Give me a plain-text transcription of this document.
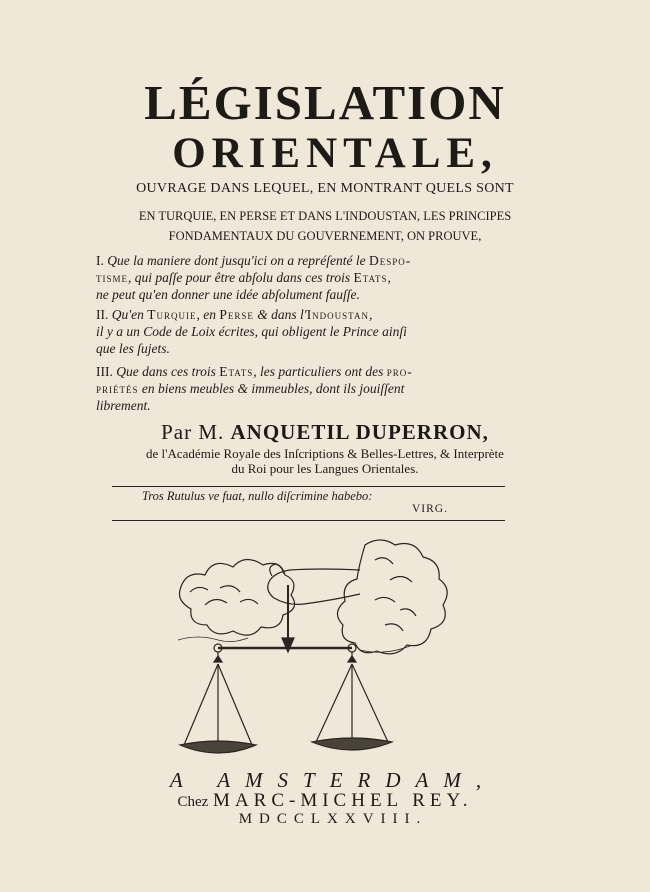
LÉGISLATION
ORIENTALE,
OUVRAGE DANS LEQUEL, EN MONTRANT QUELS SONT
EN TURQUIE, EN PERSE ET DANS L'INDOUSTAN, LES PRINCIPES
FONDAMENTAUX DU GOUVERNEMENT, ON PROUVE,
I. Que la maniere dont jusqu'ici on a repréſenté le Despo-
tisme, qui paſſe pour être abſolu dans ces trois Etats,
ne peut qu'en donner une idée abſolument fauſſe.
II. Qu'en Turquie, en Perse & dans l'Indoustan,
il y a un Code de Loix écrites, qui obligent le Prince ainſi
que les ſujets.
III. Que dans ces trois Etats, les particuliers ont des pro-
priétés en biens meubles & immeubles, dont ils jouiſſent
librement.
Par M. ANQUETIL DUPERRON,
de l'Académie Royale des Inſcriptions & Belles-Lettres, & Interprète
du Roi pour les Langues Orientales.
Tros Rutulus ve fuat, nullo diſcrimine habebo:
VIRG.
A AMSTERDAM,
Chez MARC-MICHEL REY.
MDCCLXXVIII.
